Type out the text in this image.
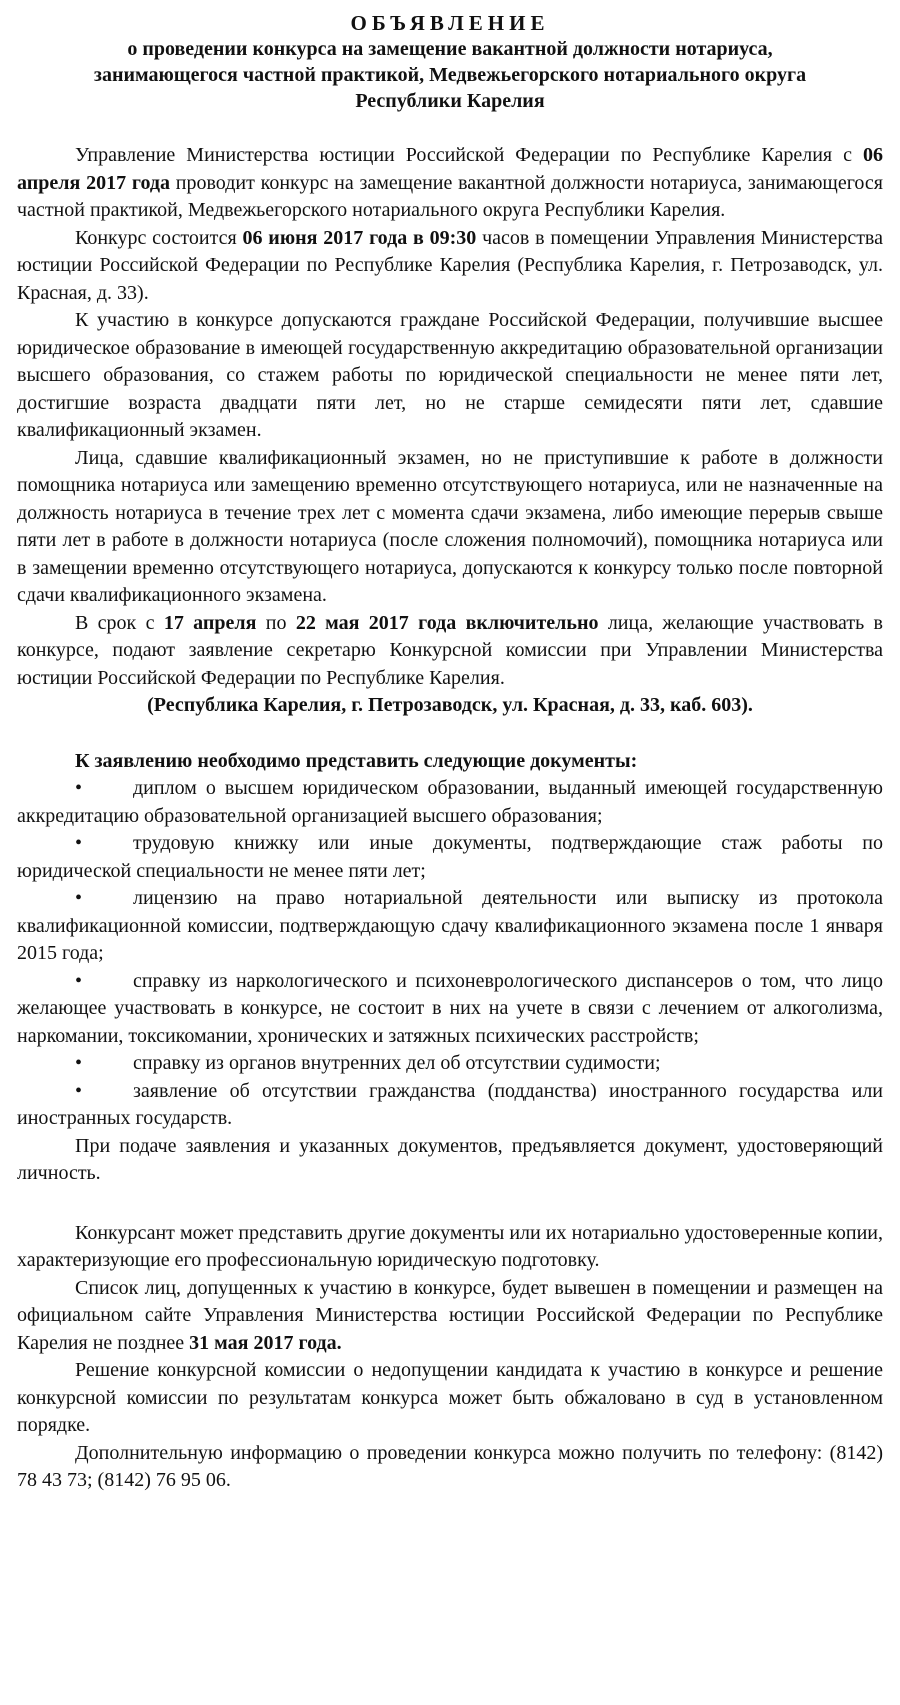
ОБЪЯВЛЕНИЕ
о проведении конкурса на замещение вакантной должности нотариуса,
занимающегося частной практикой, Медвежьегорского нотариального округа
Республики Карелия

Управление Министерства юстиции Российской Федерации по Республике Карелия с 06 апреля 2017 года проводит конкурс на замещение вакантной должности нотариуса, занимающегося частной практикой, Медвежьегорского нотариального округа Республики Карелия.

Конкурс состоится 06 июня 2017 года в 09:30 часов в помещении Управления Министерства юстиции Российской Федерации по Республике Карелия (Республика Карелия, г. Петрозаводск, ул. Красная, д. 33).

К участию в конкурсе допускаются граждане Российской Федерации, получившие высшее юридическое образование в имеющей государственную аккредитацию образовательной организации высшего образования, со стажем работы по юридической специальности не менее пяти лет, достигшие возраста двадцати пяти лет, но не старше семидесяти пяти лет, сдавшие квалификационный экзамен.

Лица, сдавшие квалификационный экзамен, но не приступившие к работе в должности помощника нотариуса или замещению временно отсутствующего нотариуса, или не назначенные на должность нотариуса в течение трех лет с момента сдачи экзамена, либо имеющие перерыв свыше пяти лет в работе в должности нотариуса (после сложения полномочий), помощника нотариуса или в замещении временно отсутствующего нотариуса, допускаются к конкурсу только после повторной сдачи квалификационного экзамена.

В срок с 17 апреля по 22 мая 2017 года включительно лица, желающие участвовать в конкурсе, подают заявление секретарю Конкурсной комиссии при Управлении Министерства юстиции Российской Федерации по Республике Карелия.

(Республика Карелия, г. Петрозаводск, ул. Красная, д. 33, каб. 603).
К заявлению необходимо представить следующие документы:
•	диплом о высшем юридическом образовании, выданный имеющей государственную аккредитацию образовательной организацией высшего образования;
•	трудовую книжку или иные документы, подтверждающие стаж работы по юридической специальности не менее пяти лет;
•	лицензию на право нотариальной деятельности или выписку из протокола квалификационной комиссии, подтверждающую сдачу квалификационного экзамена после 1 января 2015 года;
•	справку из наркологического и психоневрологического диспансеров о том, что лицо желающее участвовать в конкурсе, не состоит в них на учете в связи с лечением от алкоголизма, наркомании, токсикомании, хронических и затяжных психических расстройств;
•	справку из органов внутренних дел об отсутствии судимости;
•	заявление об отсутствии гражданства (подданства) иностранного государства или иностранных государств.

При подаче заявления и указанных документов, предъявляется документ, удостоверяющий личность.

Конкурсант может представить другие документы или их нотариально удостоверенные копии, характеризующие его профессиональную юридическую подготовку.

Список лиц, допущенных к участию в конкурсе, будет вывешен в помещении и размещен на официальном сайте Управления Министерства юстиции Российской Федерации по Республике Карелия не позднее 31 мая 2017 года.

Решение конкурсной комиссии о недопущении кандидата к участию в конкурсе и решение конкурсной комиссии по результатам конкурса может быть обжаловано в суд в установленном порядке.

Дополнительную информацию о проведении конкурса можно получить по телефону: (8142) 78 43 73; (8142) 76 95 06.
